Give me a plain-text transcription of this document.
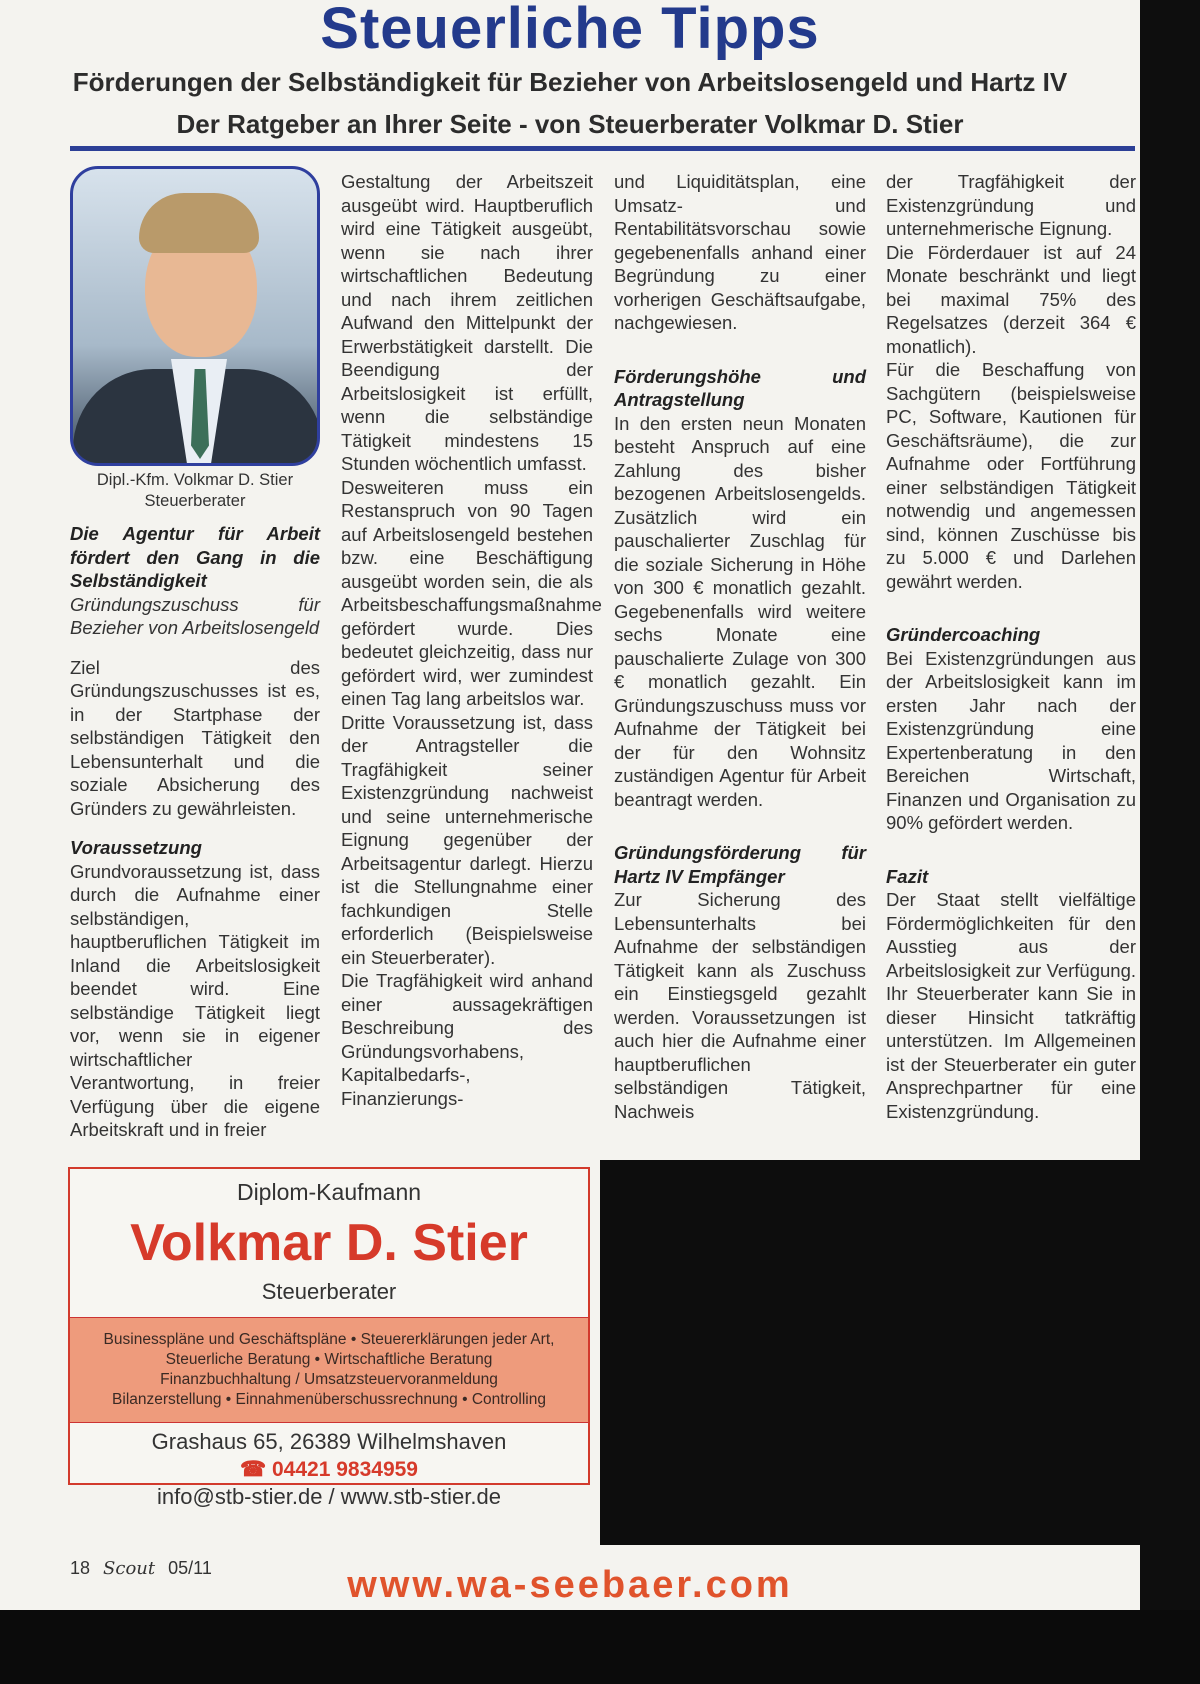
Steuerliche Tipps
Förderungen der Selbständigkeit für Bezieher von Arbeitslosengeld und Hartz IV
Der Ratgeber an Ihrer Seite - von Steuerberater Volkmar D. Stier
Dipl.-Kfm. Volkmar D. Stier
Steuerberater

Die Agentur für Arbeit fördert den Gang in die Selbständigkeit

Gründungszuschuss für Bezieher von Arbeitslosengeld

Ziel des Gründungszuschusses ist es, in der Startphase der selbständigen Tätigkeit den Lebensunterhalt und die soziale Absicherung des Gründers zu gewährleisten.

Voraussetzung

Grundvoraussetzung ist, dass durch die Aufnahme einer selbständigen, hauptberuflichen Tätigkeit im Inland die Arbeitslosigkeit beendet wird. Eine selbständige Tätigkeit liegt vor, wenn sie in eigener wirtschaftlicher Verantwortung, in freier Verfügung über die eigene Arbeitskraft und in freier

Gestaltung der Arbeitszeit ausgeübt wird. Hauptberuflich wird eine Tätigkeit ausgeübt, wenn sie nach ihrer wirtschaftlichen Bedeutung und nach ihrem zeitlichen Aufwand den Mittelpunkt der Erwerbstätigkeit darstellt. Die Beendigung der Arbeitslosigkeit ist erfüllt, wenn die selbständige Tätigkeit mindestens 15 Stunden wöchentlich umfasst.

Desweiteren muss ein Restanspruch von 90 Tagen auf Arbeitslosengeld bestehen bzw. eine Beschäftigung ausgeübt worden sein, die als Arbeitsbeschaffungsmaßnahme gefördert wurde. Dies bedeutet gleichzeitig, dass nur gefördert wird, wer zumindest einen Tag lang arbeitslos war.

Dritte Voraussetzung ist, dass der Antragsteller die Tragfähigkeit seiner Existenzgründung nachweist und seine unternehmerische Eignung gegenüber der Arbeitsagentur darlegt. Hierzu ist die Stellungnahme einer fachkundigen Stelle erforderlich (Beispielsweise ein Steuerberater).

Die Tragfähigkeit wird anhand einer aussagekräftigen Beschreibung des Gründungsvorhabens, Kapitalbedarfs-, Finanzierungs-

und Liquiditätsplan, eine Umsatz- und Rentabilitätsvorschau sowie gegebenenfalls anhand einer Begründung zu einer vorherigen Geschäftsaufgabe, nachgewiesen.

Förderungshöhe und Antragstellung

In den ersten neun Monaten besteht Anspruch auf eine Zahlung des bisher bezogenen Arbeitslosengelds. Zusätzlich wird ein pauschalierter Zuschlag für die soziale Sicherung in Höhe von 300 € monatlich gezahlt. Gegebenenfalls wird weitere sechs Monate eine pauschalierte Zulage von 300 € monatlich gezahlt. Ein Gründungszuschuss muss vor Aufnahme der Tätigkeit bei der für den Wohnsitz zuständigen Agentur für Arbeit beantragt werden.

Gründungsförderung für Hartz IV Empfänger

Zur Sicherung des Lebensunterhalts bei Aufnahme der selbständigen Tätigkeit kann als Zuschuss ein Einstiegsgeld gezahlt werden. Voraussetzungen ist auch hier die Aufnahme einer hauptberuflichen selbständigen Tätigkeit, Nachweis

der Tragfähigkeit der Existenzgründung und unternehmerische Eignung.

Die Förderdauer ist auf 24 Monate beschränkt und liegt bei maximal 75% des Regelsatzes (derzeit 364 € monatlich).

Für die Beschaffung von Sachgütern (beispielsweise PC, Software, Kautionen für Geschäftsräume), die zur Aufnahme oder Fortführung einer selbständigen Tätigkeit notwendig und angemessen sind, können Zuschüsse bis zu 5.000 € und Darlehen gewährt werden.

Gründercoaching

Bei Existenzgründungen aus der Arbeitslosigkeit kann im ersten Jahr nach der Existenzgründung eine Expertenberatung in den Bereichen Wirtschaft, Finanzen und Organisation zu 90% gefördert werden.

Fazit

Der Staat stellt vielfältige Fördermöglichkeiten für den Ausstieg aus der Arbeitslosigkeit zur Verfügung. Ihr Steuerberater kann Sie in dieser Hinsicht tatkräftig unterstützen. Im Allgemeinen ist der Steuerberater ein guter Ansprechpartner für eine Existenzgründung.

Diplom-Kaufmann
Volkmar D. Stier
Steuerberater
Businesspläne und Geschäftspläne • Steuererklärungen jeder Art,
Steuerliche Beratung • Wirtschaftliche Beratung
Finanzbuchhaltung / Umsatzsteuervoranmeldung
Bilanzerstellung • Einnahmenüberschussrechnung • Controlling
Grashaus 65, 26389 Wilhelmshaven
☎ 04421 9834959
info@stb-stier.de / www.stb-stier.de
18 Scout 05/11	www.wa-seebaer.com
